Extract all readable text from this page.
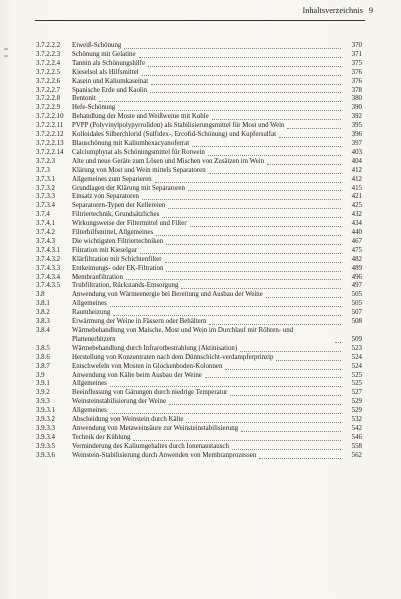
Inhaltsverzeichnis 9
3.7.2.2.2 Eiweiß-Schönung	370
3.7.2.2.3 Schönung mit Gelatine	371
3.7.2.2.4 Tannin als Schönungshilfe	375
3.7.2.2.5 Kieselsol als Hilfsmittel	376
3.7.2.2.6 Kasein und Kaliumkaseinat	376
3.7.2.2.7 Spanische Erde und Kaolin	378
3.7.2.2.8 Bentonit	380
3.7.2.2.9 Hefe-Schönung	390
3.7.2.2.10 Behandlung der Moste und Weißweine mit Kohle	392
3.7.2.2.11 PVPP (Polyvinylpolypyrrolidon) als Stabilisierungsmittel für Most und Wein	395
3.7.2.2.12 Kolloidales Silberchlorid (Sulfidex-, Ercofid-Schönung) und Kupfersulfat	396
3.7.2.2.13 Blauschönung mit Kaliumhexacyanoferrat	397
3.7.2.2.14 Calciumphytat als Schönungsmittel für Rotwein	403
3.7.2.3 Alte und neue Geräte zum Lösen und Mischen von Zusätzen im Wein	404
3.7.3	Klärung von Most und Wein mittels Separatoren	412
3.7.3.1 Allgemeines zum Separieren	412
3.7.3.2 Grundlagen der Klärung mit Separatoren	415
3.7.3.3 Einsatz von Separatoren	421
3.7.3.4 Separatoren-Typen der Kellereien	425
3.7.4	Filtriertechnik, Grundsätzliches	432
3.7.4.1 Wirkungsweise der Filtermittel und Filter	434
3.7.4.2 Filterhilfsmittel, Allgemeines	440
3.7.4.3 Die wichtigsten Filtriertechniken	467
3.7.4.3.1 Filtration mit Kieselgur	475
3.7.4.3.2 Klärfiltration mit Schichtenfilter	482
3.7.4.3.3 Entkeimungs- oder EK-Filtration	489
3.7.4.3.4 Membranfiltration	496
3.7.4.3.5 Trubfiltration, Rückstands-Entsorgung	497
3.8	Anwendung von Wärmeenergie bei Bereitung und Ausbau der Weine	505
3.8.1	Allgemeines	505
3.8.2	Raumheizung	507
3.8.3	Erwärmung der Weine in Fässern oder Behältern	508
3.8.4	Wärmebehandlung von Maische, Most und Wein im Durchlauf mit Röhren- und Plattenerhitzern	509
3.8.5	Wärmebehandlung durch Infrarotbestrahlung (Aktinisation)	523
3.8.6	Herstellung von Konzentraten nach dem Dünnschicht-verdampferprinzip	524
3.8.7	Entschwefeln von Mosten in Glockenboden-Kolonnen	524
3.9	Anwendung von Kälte beim Ausbau der Weine	525
3.9.1	Allgemeines	525
3.9.2	Beeinflussung von Gärungen durch niedrige Temperatur	527
3.9.3	Weinsteinstabilisierung der Weine	529
3.9.3.1 Allgemeines	529
3.9.3.2 Abscheidung von Weinstein durch Kälte	532
3.9.3.3 Anwendung von Metaweinsäure zur Weinsteinstabilisierung	542
3.9.3.4 Technik der Kühlung	546
3.9.3.5 Verminderung des Kaliumgehaltes durch Ionenaustausch	558
3.9.3.6 Weinstein-Stabilisierung durch Anwenden von Membranprozessen	562
